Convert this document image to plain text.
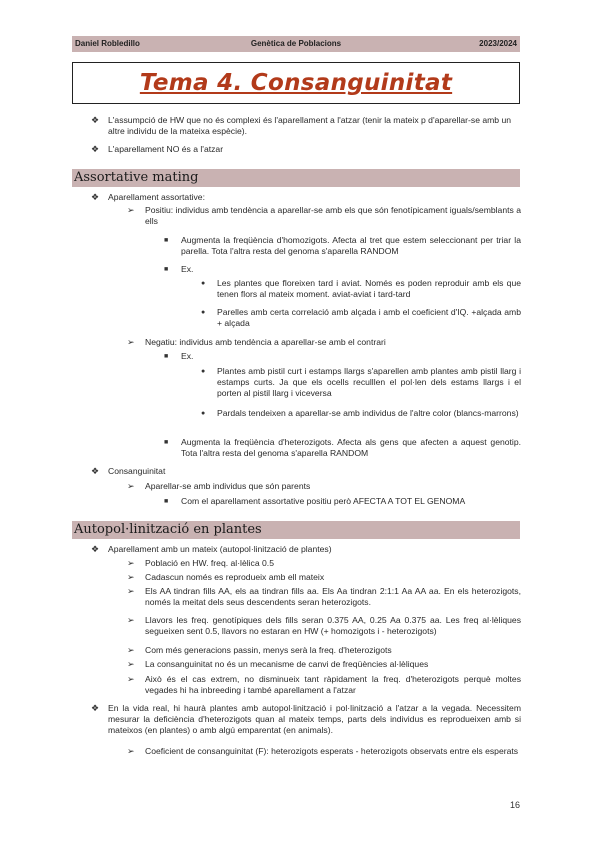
Daniel Robledillo	Genètica de Poblacions	2023/2024
Tema 4. Consanguinitat
❖ L'assumpció de HW que no és complexi és l'aparellament a l'atzar (tenir la mateix p d'aparellar-se amb un altre individu de la mateixa espècie).
❖ L'aparellament NO és a l'atzar
Assortative mating
❖ Aparellament assortative:
➢ Positiu: individus amb tendència a aparellar-se amb els que són fenotípicament iguals/semblants a ells
■ Augmenta la freqüència d'homozigots. Afecta al tret que estem seleccionant per triar la parella. Tota l'altra resta del genoma s'aparella RANDOM
■ Ex.
● Les plantes que floreixen tard i aviat. Només es poden reproduir amb els que tenen flors al mateix moment. aviat-aviat i tard-tard
● Parelles amb certa correlació amb alçada i amb el coeficient d'IQ. +alçada amb + alçada
➢ Negatiu: individus amb tendència a aparellar-se amb el contrari
■ Ex.
● Plantes amb pistil curt i estamps llargs s'aparellen amb plantes amb pistil llarg i estamps curts. Ja que els ocells reculllen el pol·len dels estams llargs i el porten al pistil llarg i viceversa
● Pardals tendeixen a aparellar-se amb individus de l'altre color (blancs-marrons)
■ Augmenta la freqüència d'heterozigots. Afecta als gens que afecten a aquest genotip. Tota l'altra resta del genoma s'aparella RANDOM
❖ Consanguinitat
➢ Aparellar-se amb individus que són parents
■ Com el aparellament assortative positiu però AFECTA A TOT EL GENOMA
Autopol·linització en plantes
❖ Aparellament amb un mateix (autopol·linització de plantes)
➢ Població en HW. freq. al·lèlica 0.5
➢ Cadascun només es reprodueix amb ell mateix
➢ Els AA tindran fills AA, els aa tindran fills aa. Els Aa tindran 2:1:1 Aa AA aa. En els heterozigots, només la meitat dels seus descendents seran heterozigots.
➢ Llavors les freq. genotípiques dels fills seran 0.375 AA, 0.25 Aa 0.375 aa. Les freq al·lèliques segueixen sent 0.5, llavors no estaran en HW (+ homozigots i - heterozigots)
➢ Com més generacions passin, menys serà la freq. d'heterozigots
➢ La consanguinitat no és un mecanisme de canvi de freqüències al·lèliques
➢ Això és el cas extrem, no disminueix tant ràpidament la freq. d'heterozigots perquè moltes vegades hi ha inbreeding i també aparellament a l'atzar
❖ En la vida real, hi haurà plantes amb autopol·linització i pol·linització a l'atzar a la vegada. Necessitem mesurar la deficiència d'heterozigots quan al mateix temps, parts dels individus es reprodueixen amb si mateixos (en plantes) o amb algú emparentat (en animals).
➢ Coeficient de consanguinitat (F): heterozigots esperats - heterozigots observats entre els esperats
16
